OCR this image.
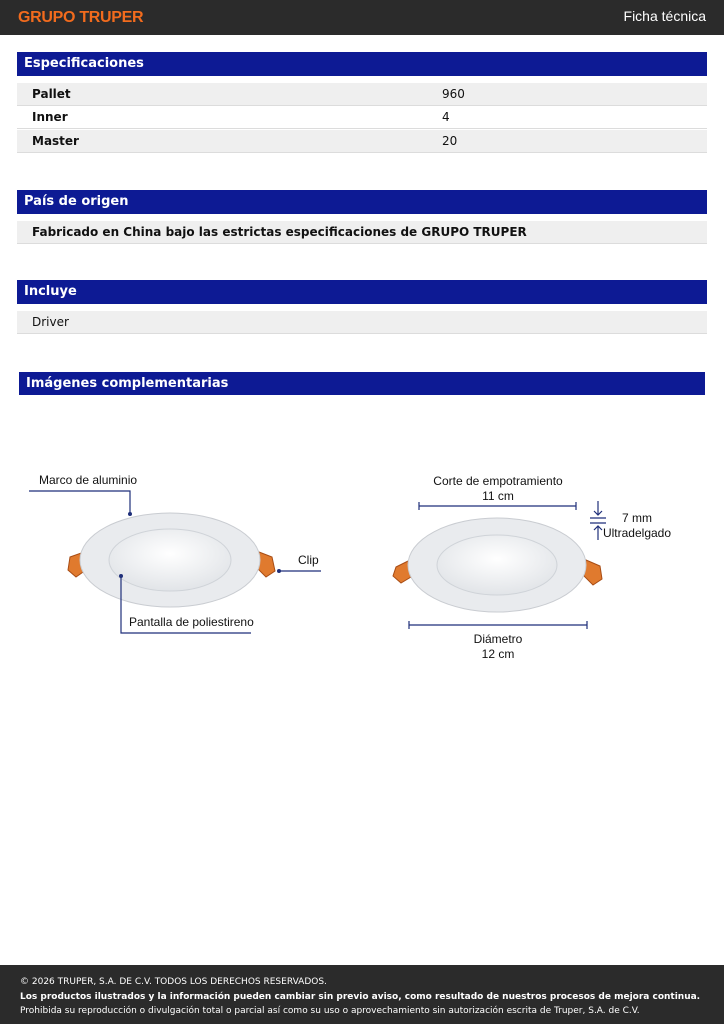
GRUPO TRUPER	Ficha técnica
Especificaciones
Pallet	960
Inner	4
Master	20
País de origen
Fabricado en China bajo las estrictas especificaciones de GRUPO TRUPER
Incluye
Driver
Imágenes complementarias
Marco de aluminio
Clip
Pantalla de poliestireno
Corte de empotramiento
11 cm
7 mm
Ultradelgado
Diámetro
12 cm
© 2026 TRUPER, S.A. DE C.V. TODOS LOS DERECHOS RESERVADOS.
Los productos ilustrados y la información pueden cambiar sin previo aviso, como resultado de nuestros procesos de mejora continua.
Prohibida su reproducción o divulgación total o parcial así como su uso o aprovechamiento sin autorización escrita de Truper, S.A. de C.V.
